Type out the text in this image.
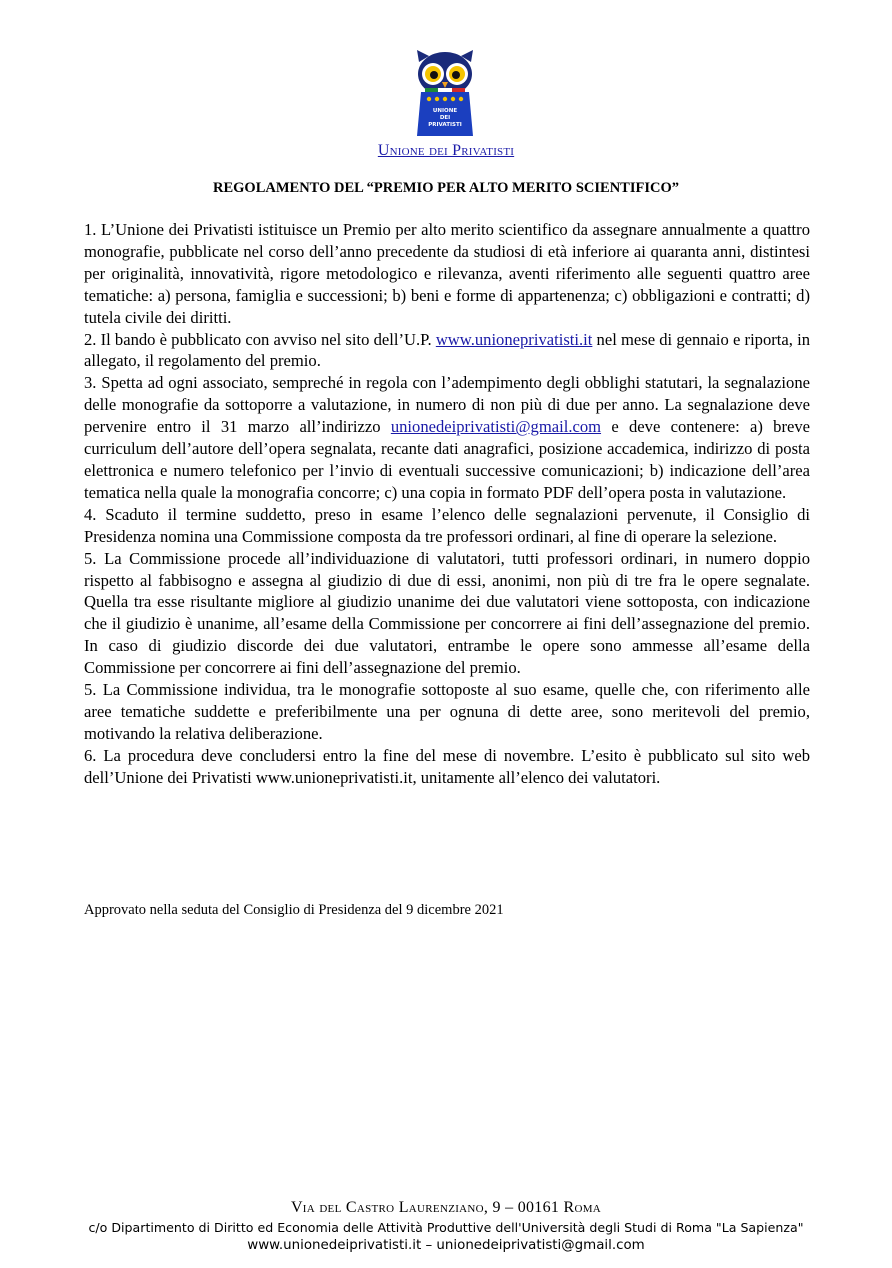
UNIONE
DEI
PRIVATISTI
Unione dei Privatisti
REGOLAMENTO DEL “PREMIO PER ALTO MERITO SCIENTIFICO”

1. L’Unione dei Privatisti istituisce un Premio per alto merito scientifico da assegnare annualmente a quattro monografie, pubblicate nel corso dell’anno precedente da studiosi di età inferiore ai quaranta anni, distintesi per originalità, innovatività, rigore metodologico e rilevanza, aventi riferimento alle seguenti quattro aree tematiche: a) persona, famiglia e successioni; b) beni e forme di appartenenza; c) obbligazioni e contratti; d) tutela civile dei diritti.

2. Il bando è pubblicato con avviso nel sito dell’U.P. www.unioneprivatisti.it nel mese di gennaio e riporta, in allegato, il regolamento del premio.

3. Spetta ad ogni associato, sempreché in regola con l’adempimento degli obblighi statutari, la segnalazione delle monografie da sottoporre a valutazione, in numero di non più di due per anno. La segnalazione deve pervenire entro il 31 marzo all’indirizzo unionedeiprivatisti@gmail.com e deve contenere: a) breve curriculum dell’autore dell’opera segnalata, recante dati anagrafici, posizione accademica, indirizzo di posta elettronica e numero telefonico per l’invio di eventuali successive comunicazioni; b) indicazione dell’area tematica nella quale la monografia concorre; c) una copia in formato PDF dell’opera posta in valutazione.

4. Scaduto il termine suddetto, preso in esame l’elenco delle segnalazioni pervenute, il Consiglio di Presidenza nomina una Commissione composta da tre professori ordinari, al fine di operare la selezione.

5. La Commissione procede all’individuazione di valutatori, tutti professori ordinari, in numero doppio rispetto al fabbisogno e assegna al giudizio di due di essi, anonimi, non più di tre fra le opere segnalate. Quella tra esse risultante migliore al giudizio unanime dei due valutatori viene sottoposta, con indicazione che il giudizio è unanime, all’esame della Commissione per concorrere ai fini dell’assegnazione del premio. In caso di giudizio discorde dei due valutatori, entrambe le opere sono ammesse all’esame della Commissione per concorrere ai fini dell’assegnazione del premio.

5. La Commissione individua, tra le monografie sottoposte al suo esame, quelle che, con riferimento alle aree tematiche suddette e preferibilmente una per ognuna di dette aree, sono meritevoli del premio, motivando la relativa deliberazione.

6. La procedura deve concludersi entro la fine del mese di novembre. L’esito è pubblicato sul sito web dell’Unione dei Privatisti www.unioneprivatisti.it, unitamente all’elenco dei valutatori.

Approvato nella seduta del Consiglio di Presidenza del 9 dicembre 2021
Via del Castro Laurenziano, 9 – 00161 Roma
c/o Dipartimento di Diritto ed Economia delle Attività Produttive dell'Università degli Studi di Roma "La Sapienza"
www.unionedeiprivatisti.it – unionedeiprivatisti@gmail.com
